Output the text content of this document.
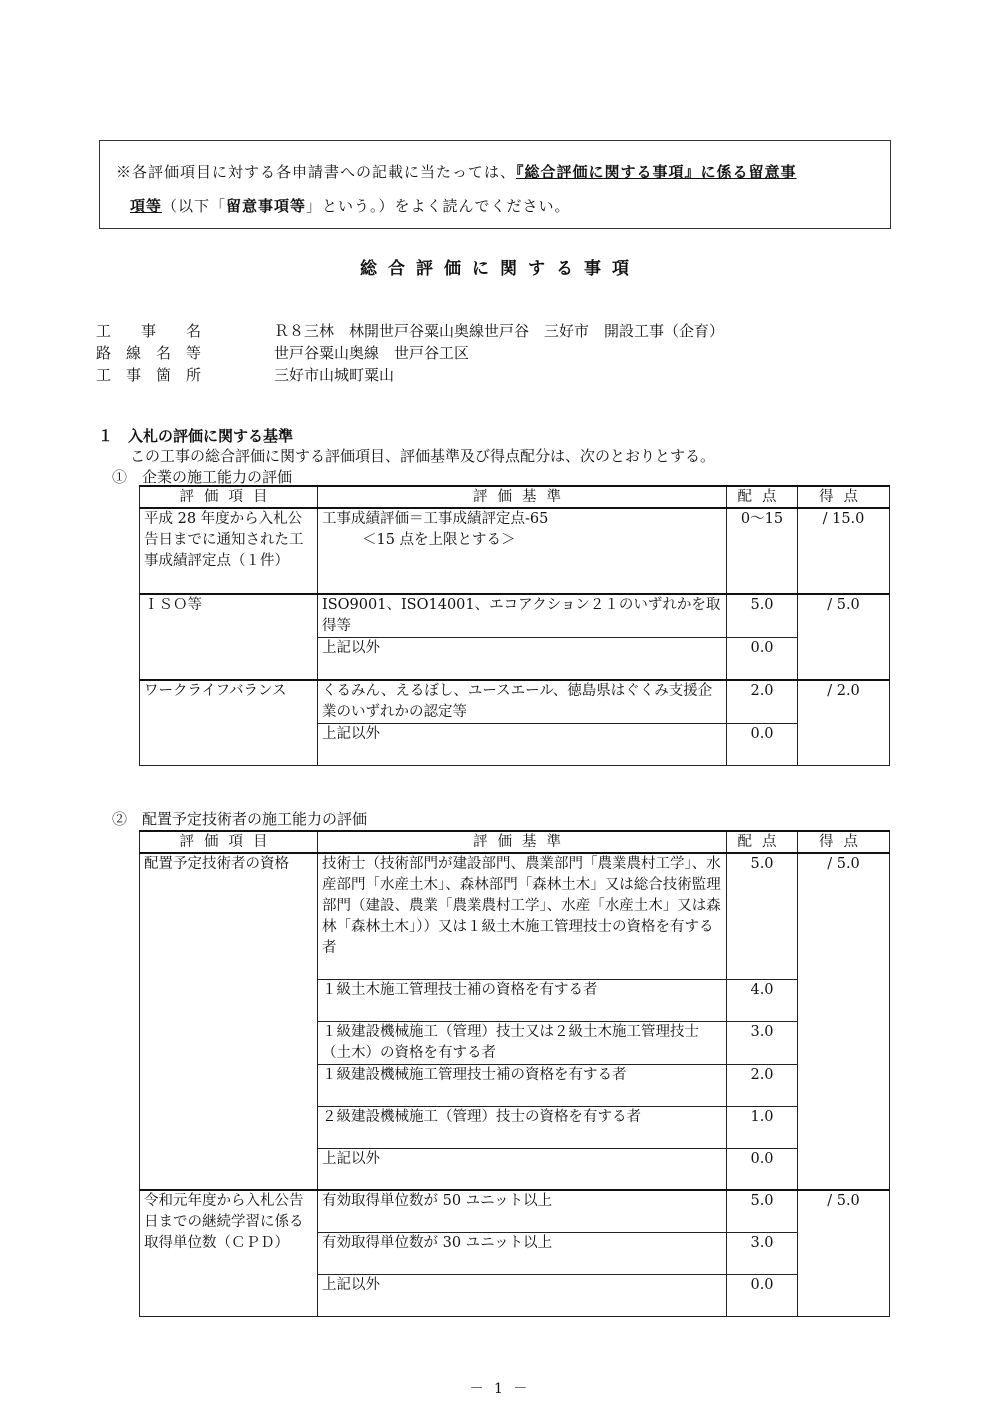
※各評価項目に対する各申請書への記載に当たっては、『総合評価に関する事項』に係る留意事
項等（以下「留意事項等」という。）をよく読んでください。
総合評価に関する事項
工　　事　　名	Ｒ８三林　林開世戸谷粟山奥線世戸谷　三好市　開設工事（企育）
路　線　名　等	世戸谷粟山奥線　世戸谷工区
工　事　箇　所	三好市山城町粟山
１　入札の評価に関する基準
この工事の総合評価に関する評価項目、評価基準及び得点配分は、次のとおりとする。
①　企業の施工能力の評価
評価項目	評価基準	配点	得点
平成 28 年度から入札公告日までに通知された工事成績評定点（１件）	工事成績評価＝工事成績評定点-65
＜15 点を上限とする＞	0～15	/ 15.0
ＩＳＯ等	ISO9001、ISO14001、エコアクション２１のいずれかを取得等	5.0	/ 5.0
	上記以外	0.0	
ワークライフバランス	くるみん、えるぼし、ユースエール、徳島県はぐくみ支援企業のいずれかの認定等	2.0	/ 2.0
	上記以外	0.0	
②　配置予定技術者の施工能力の評価
評価項目	評価基準	配点	得点
配置予定技術者の資格	技術士（技術部門が建設部門、農業部門「農業農村工学」、水産部門「水産土木」、森林部門「森林土木」又は総合技術監理部門（建設、農業「農業農村工学」、水産「水産土木」又は森林「森林土木」））又は１級土木施工管理技士の資格を有する者	5.0	/ 5.0
	１級土木施工管理技士補の資格を有する者	4.0	
	１級建設機械施工（管理）技士又は２級土木施工管理技士（土木）の資格を有する者	3.0	
	１級建設機械施工管理技士補の資格を有する者	2.0	
	２級建設機械施工（管理）技士の資格を有する者	1.0	
	上記以外	0.0	
令和元年度から入札公告日までの継続学習に係る取得単位数（ＣＰＤ）	有効取得単位数が 50 ユニット以上	5.0	/ 5.0
	有効取得単位数が 30 ユニット以上	3.0	
	上記以外	0.0	
－ 1 －
